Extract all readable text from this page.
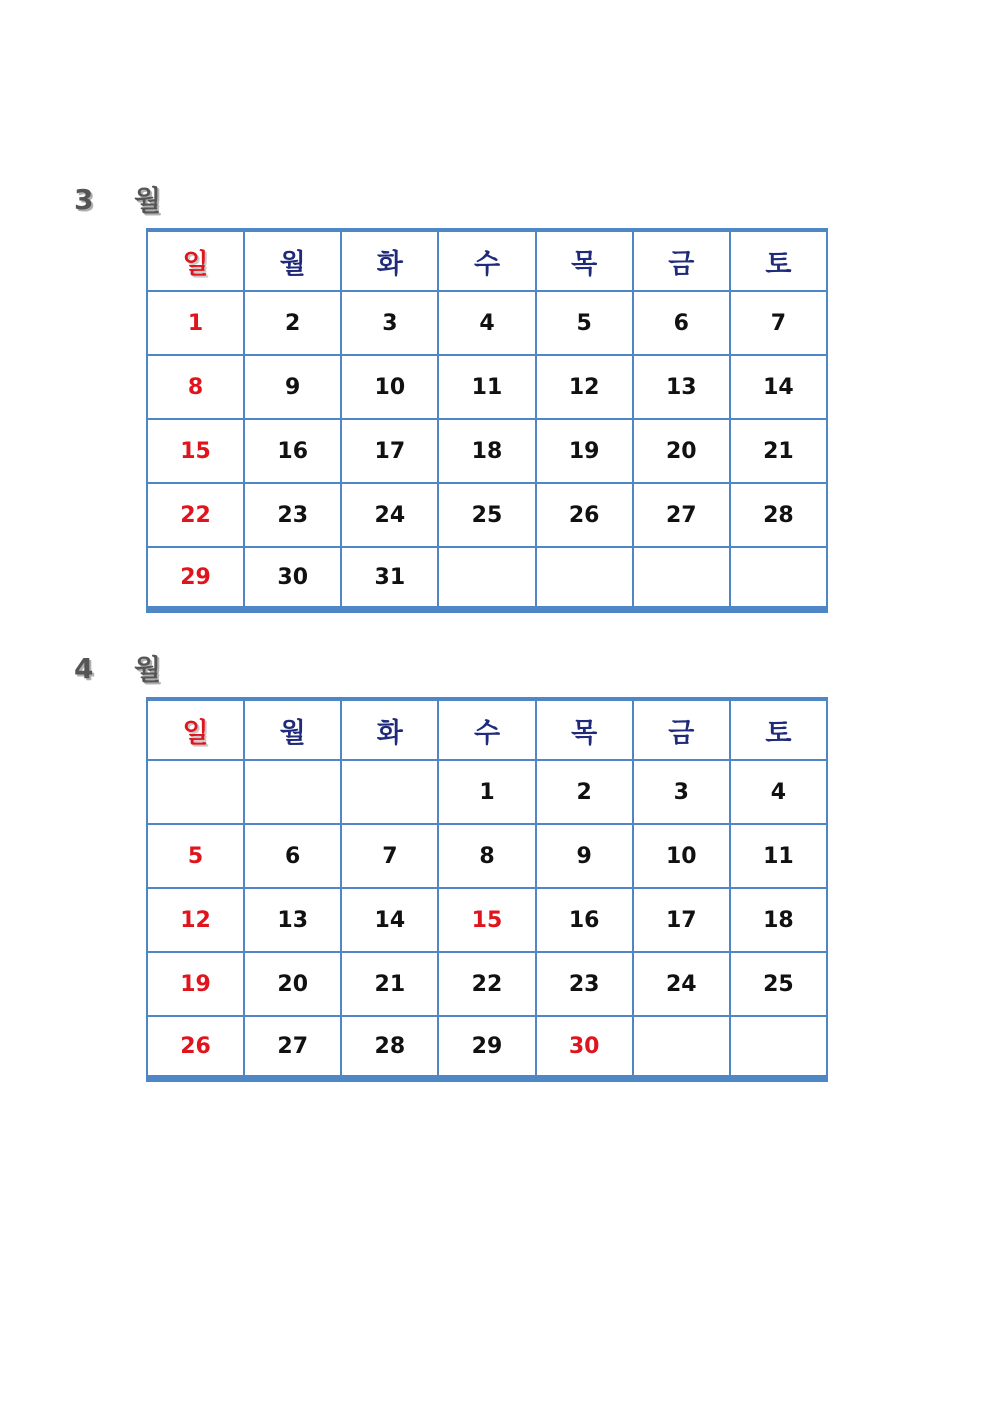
3	월
일	월	화	수	목	금	토
1	2	3	4	5	6	7
8	9	10	11	12	13	14
15	16	17	18	19	20	21
22	23	24	25	26	27	28
29	30	31				
4	월
일	월	화	수	목	금	토
			1	2	3	4
5	6	7	8	9	10	11
12	13	14	15	16	17	18
19	20	21	22	23	24	25
26	27	28	29	30		
